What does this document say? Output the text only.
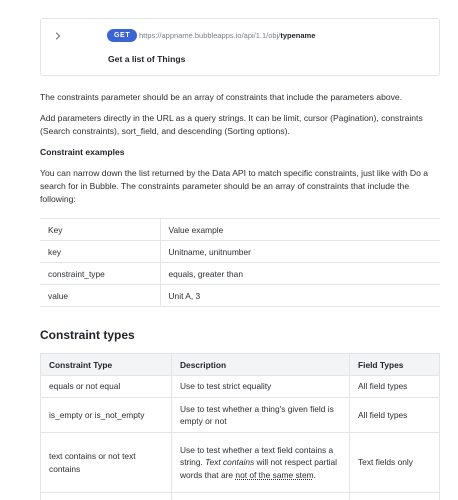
GET	https://appname.bubbleapps.io/api/1.1/obj/typename
Get a list of Things

The constraints parameter should be an array of constraints that include the parameters above.

Add parameters directly in the URL as a query strings. It can be limit, cursor (Pagination), constraints (Search constraints), sort_field, and descending (Sorting options).

Constraint examples

You can narrow down the list returned by the Data API to match specific constraints, just like with Do a search for in Bubble. The constraints parameter should be an array of constraints that include the following:

Key	Value example
key	Unitname, unitnumber
constraint_type	equals, greater than
value	Unit A, 3
Constraint types
Constraint Type	Description	Field Types
equals or not equal	Use to test strict equality	All field types
is_empty or is_not_empty	Use to test whether a thing's given field is empty or not	All field types
text contains or not text contains	Use to test whether a text field contains a string. Text contains will not respect partial words that are not of the same stem.	Text fields only
